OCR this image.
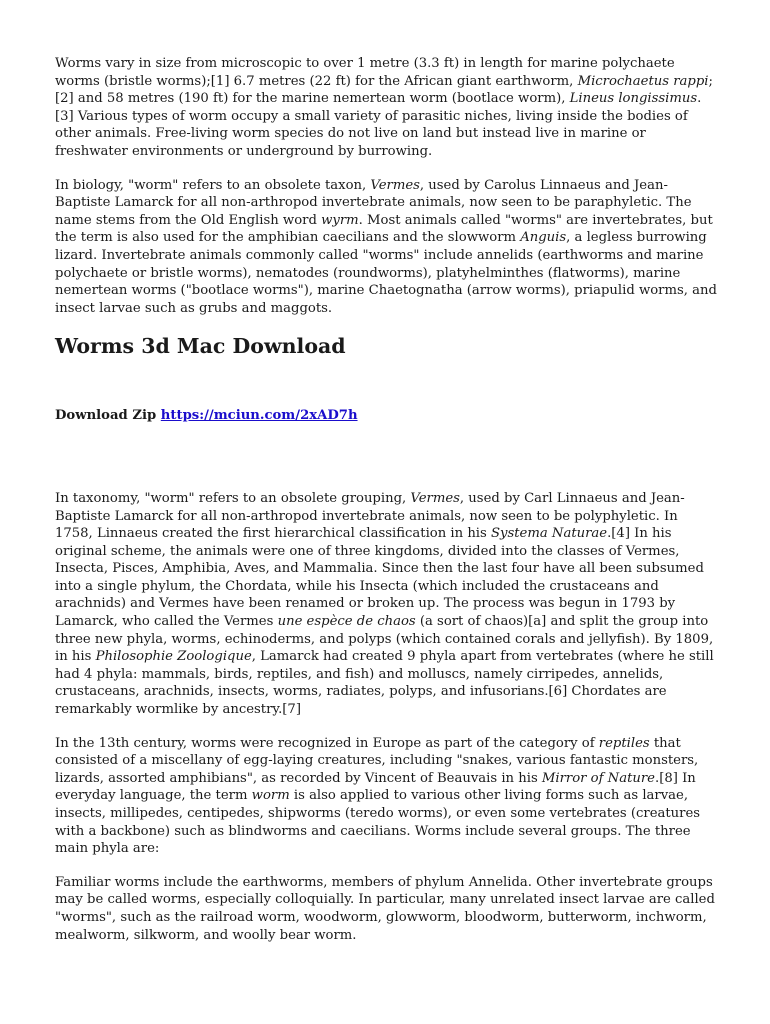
Worms vary in size from microscopic to over 1 metre (3.3 ft) in length for marine polychaete worms (bristle worms);[1] 6.7 metres (22 ft) for the African giant earthworm, Microchaetus rappi;[2] and 58 metres (190 ft) for the marine nemertean worm (bootlace worm), Lineus longissimus.[3] Various types of worm occupy a small variety of parasitic niches, living inside the bodies of other animals. Free-living worm species do not live on land but instead live in marine or freshwater environments or underground by burrowing.

In biology, "worm" refers to an obsolete taxon, Vermes, used by Carolus Linnaeus and Jean-Baptiste Lamarck for all non-arthropod invertebrate animals, now seen to be paraphyletic. The name stems from the Old English word wyrm. Most animals called "worms" are invertebrates, but the term is also used for the amphibian caecilians and the slowworm Anguis, a legless burrowing lizard. Invertebrate animals commonly called "worms" include annelids (earthworms and marine polychaete or bristle worms), nematodes (roundworms), platyhelminthes (flatworms), marine nemertean worms ("bootlace worms"), marine Chaetognatha (arrow worms), priapulid worms, and insect larvae such as grubs and maggots.

Worms 3d Mac Download
Download Zip https://mciun.com/2xAD7h

In taxonomy, "worm" refers to an obsolete grouping, Vermes, used by Carl Linnaeus and Jean-Baptiste Lamarck for all non-arthropod invertebrate animals, now seen to be polyphyletic. In 1758, Linnaeus created the first hierarchical classification in his Systema Naturae.[4] In his original scheme, the animals were one of three kingdoms, divided into the classes of Vermes, Insecta, Pisces, Amphibia, Aves, and Mammalia. Since then the last four have all been subsumed into a single phylum, the Chordata, while his Insecta (which included the crustaceans and arachnids) and Vermes have been renamed or broken up. The process was begun in 1793 by Lamarck, who called the Vermes une espèce de chaos (a sort of chaos)[a] and split the group into three new phyla, worms, echinoderms, and polyps (which contained corals and jellyfish). By 1809, in his Philosophie Zoologique, Lamarck had created 9 phyla apart from vertebrates (where he still had 4 phyla: mammals, birds, reptiles, and fish) and molluscs, namely cirripedes, annelids, crustaceans, arachnids, insects, worms, radiates, polyps, and infusorians.[6] Chordates are remarkably wormlike by ancestry.[7]

In the 13th century, worms were recognized in Europe as part of the category of reptiles that consisted of a miscellany of egg-laying creatures, including "snakes, various fantastic monsters, lizards, assorted amphibians", as recorded by Vincent of Beauvais in his Mirror of Nature.[8] In everyday language, the term worm is also applied to various other living forms such as larvae, insects, millipedes, centipedes, shipworms (teredo worms), or even some vertebrates (creatures with a backbone) such as blindworms and caecilians. Worms include several groups. The three main phyla are:

Familiar worms include the earthworms, members of phylum Annelida. Other invertebrate groups may be called worms, especially colloquially. In particular, many unrelated insect larvae are called "worms", such as the railroad worm, woodworm, glowworm, bloodworm, butterworm, inchworm, mealworm, silkworm, and woolly bear worm.
